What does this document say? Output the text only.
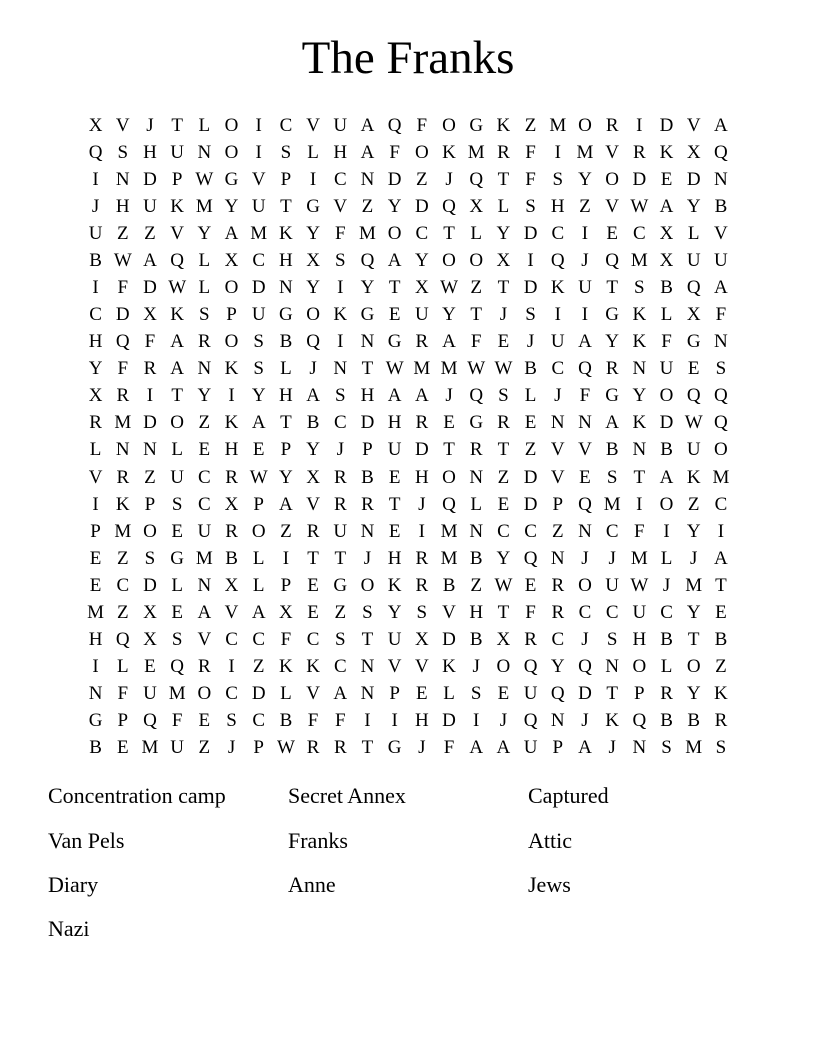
The Franks
X V J T L O I C V U A Q F O G K Z M O R I D V A
Q S H U N O I S L H A F O K M R F I M V R K X Q
I N D P W G V P I C N D Z J Q T F S Y O D E D N
J H U K M Y U T G V Z Y D Q X L S H Z V W A Y B
U Z Z V Y A M K Y F M O C T L Y D C I E C X L V
B W A Q L X C H X S Q A Y O O X I Q J Q M X U U
I F D W L O D N Y I Y T X W Z T D K U T S B Q A
C D X K S P U G O K G E U Y T J S I	I G K L X F
H Q F A R O S B Q I N G R A F E J U A Y K F G N
Y F R A N K S L J N T W M M W W B C Q R N U E S
X R I T Y I Y H A S H A A J Q S L J F G Y O Q Q
R M D O Z K A T B C D H R E G R E N N A K D W Q
L N N L E H E P Y J P U D T R T Z V V B N B U O
V R Z U C R W Y X R B E H O N Z D V E S T A K M
I K P S C X P A V R R T J Q L E D P Q M I O Z C
P M O E U R O Z R U N E I M N C C Z N C F I Y I
E Z S G M B L I T T J H R M B Y Q N J	J M L J A
E C D L N X L P E G O K R B Z W E R O U W J M T
M Z X E A V A X E Z S Y S V H T F R C C U C Y E
H Q X S V C C F C S T U X D B X R C J S H B T B
I L E Q R I Z K K C N V V K J O Q Y Q N O L O Z
N F U M O C D L V A N P E L S E U Q D T P R Y K
G P Q F E S C B F F I	I H D I	J Q N J K Q B B R
B E M U Z J P W R R T G J F A A U P A J N S M S
Concentration camp	Secret Annex	Captured
Van Pels	Franks	Attic
Diary	Anne	Jews
Nazi
